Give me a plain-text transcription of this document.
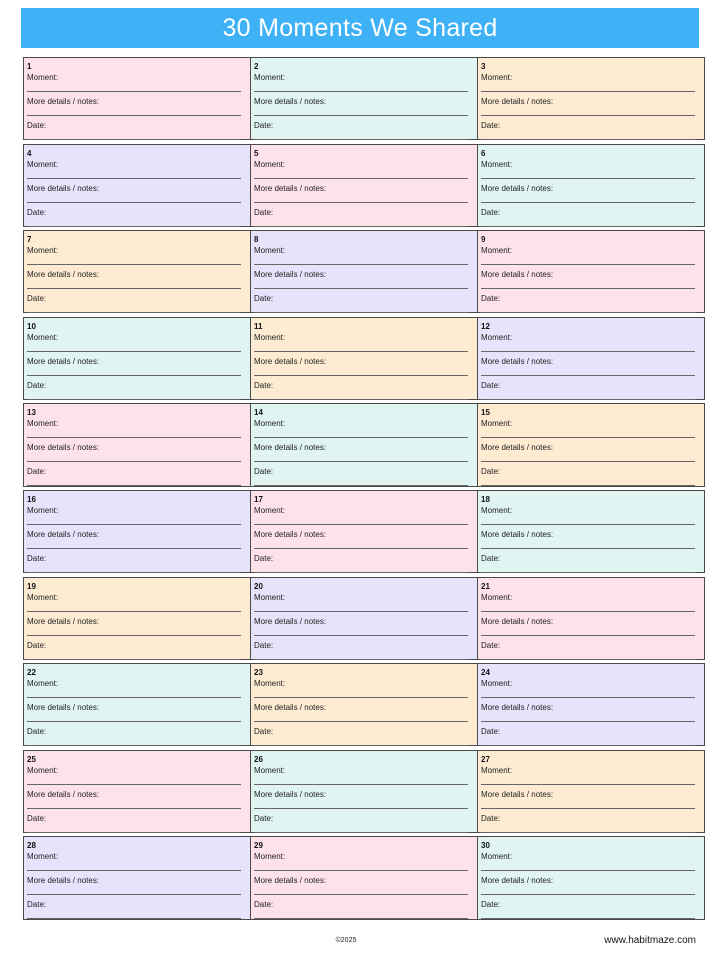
30 Moments We Shared
1
Moment:
More details / notes:
Date:
2
Moment:
More details / notes:
Date:
3
Moment:
More details / notes:
Date:
4
Moment:
More details / notes:
Date:
5
Moment:
More details / notes:
Date:
6
Moment:
More details / notes:
Date:
7
Moment:
More details / notes:
Date:
8
Moment:
More details / notes:
Date:
9
Moment:
More details / notes:
Date:
10
Moment:
More details / notes:
Date:
11
Moment:
More details / notes:
Date:
12
Moment:
More details / notes:
Date:
13
Moment:
More details / notes:
Date:
14
Moment:
More details / notes:
Date:
15
Moment:
More details / notes:
Date:
16
Moment:
More details / notes:
Date:
17
Moment:
More details / notes:
Date:
18
Moment:
More details / notes:
Date:
19
Moment:
More details / notes:
Date:
20
Moment:
More details / notes:
Date:
21
Moment:
More details / notes:
Date:
22
Moment:
More details / notes:
Date:
23
Moment:
More details / notes:
Date:
24
Moment:
More details / notes:
Date:
25
Moment:
More details / notes:
Date:
26
Moment:
More details / notes:
Date:
27
Moment:
More details / notes:
Date:
28
Moment:
More details / notes:
Date:
29
Moment:
More details / notes:
Date:
30
Moment:
More details / notes:
Date:
©2025	www.habitmaze.com
